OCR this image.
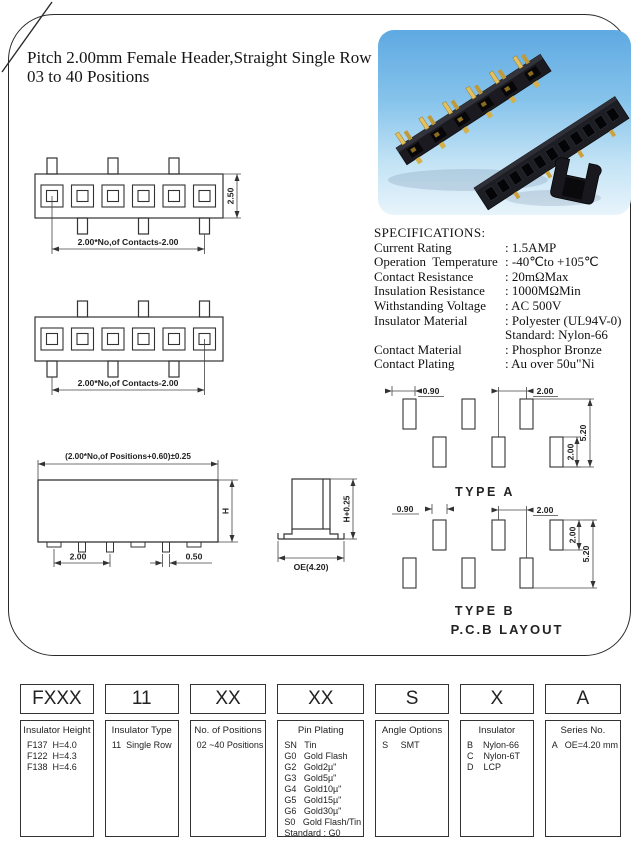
Pitch 2.00mm Female Header,Straight Single Row
03 to 40 Positions
2.50
2.00*No,of Contacts-2.00
2.00*No,of Contacts-2.00
SPECIFICATIONS:
Current Rating	: 1.5AMP
Operation  Temperature : -40℃to +105℃
Contact Resistance	: 20mΩMax
Insulation Resistance	: 1000MΩMin
Withstanding Voltage	: AC 500V
Insulator Material	: Polyester (UL94V-0)
Standard: Nylon-66
Contact Material	: Phosphor Bronze
Contact Plating	: Au over 50u"Ni
(2.00*No,of Positions+0.60)±0.25
H
2.00	0.50
H+0.25
OE(4.20)
0.90	2.00
5.20
2.00
TYPE A
0.90	2.00
2.00
5.20
TYPE B
P.C.B LAYOUT
FXXX
Insulator Height
F137  H=4.0
F122  H=4.3
F138  H=4.6
11
Insulator Type
11  Single Row
XX
No. of Positions
02 ~40 Positions
XX
Pin Plating
SN   Tin
G0   Gold Flash
G2   Gold2µ"
G3   Gold5µ"
G4   Gold10µ"
G5   Gold15µ"
G6   Gold30µ"
S0   Gold Flash/Tin
Standard : G0
S
Angle Options
S     SMT
X
Insulator
B    Nylon-66
C    Nylon-6T
D    LCP
A
Series No.
A   OE=4.20 mm
